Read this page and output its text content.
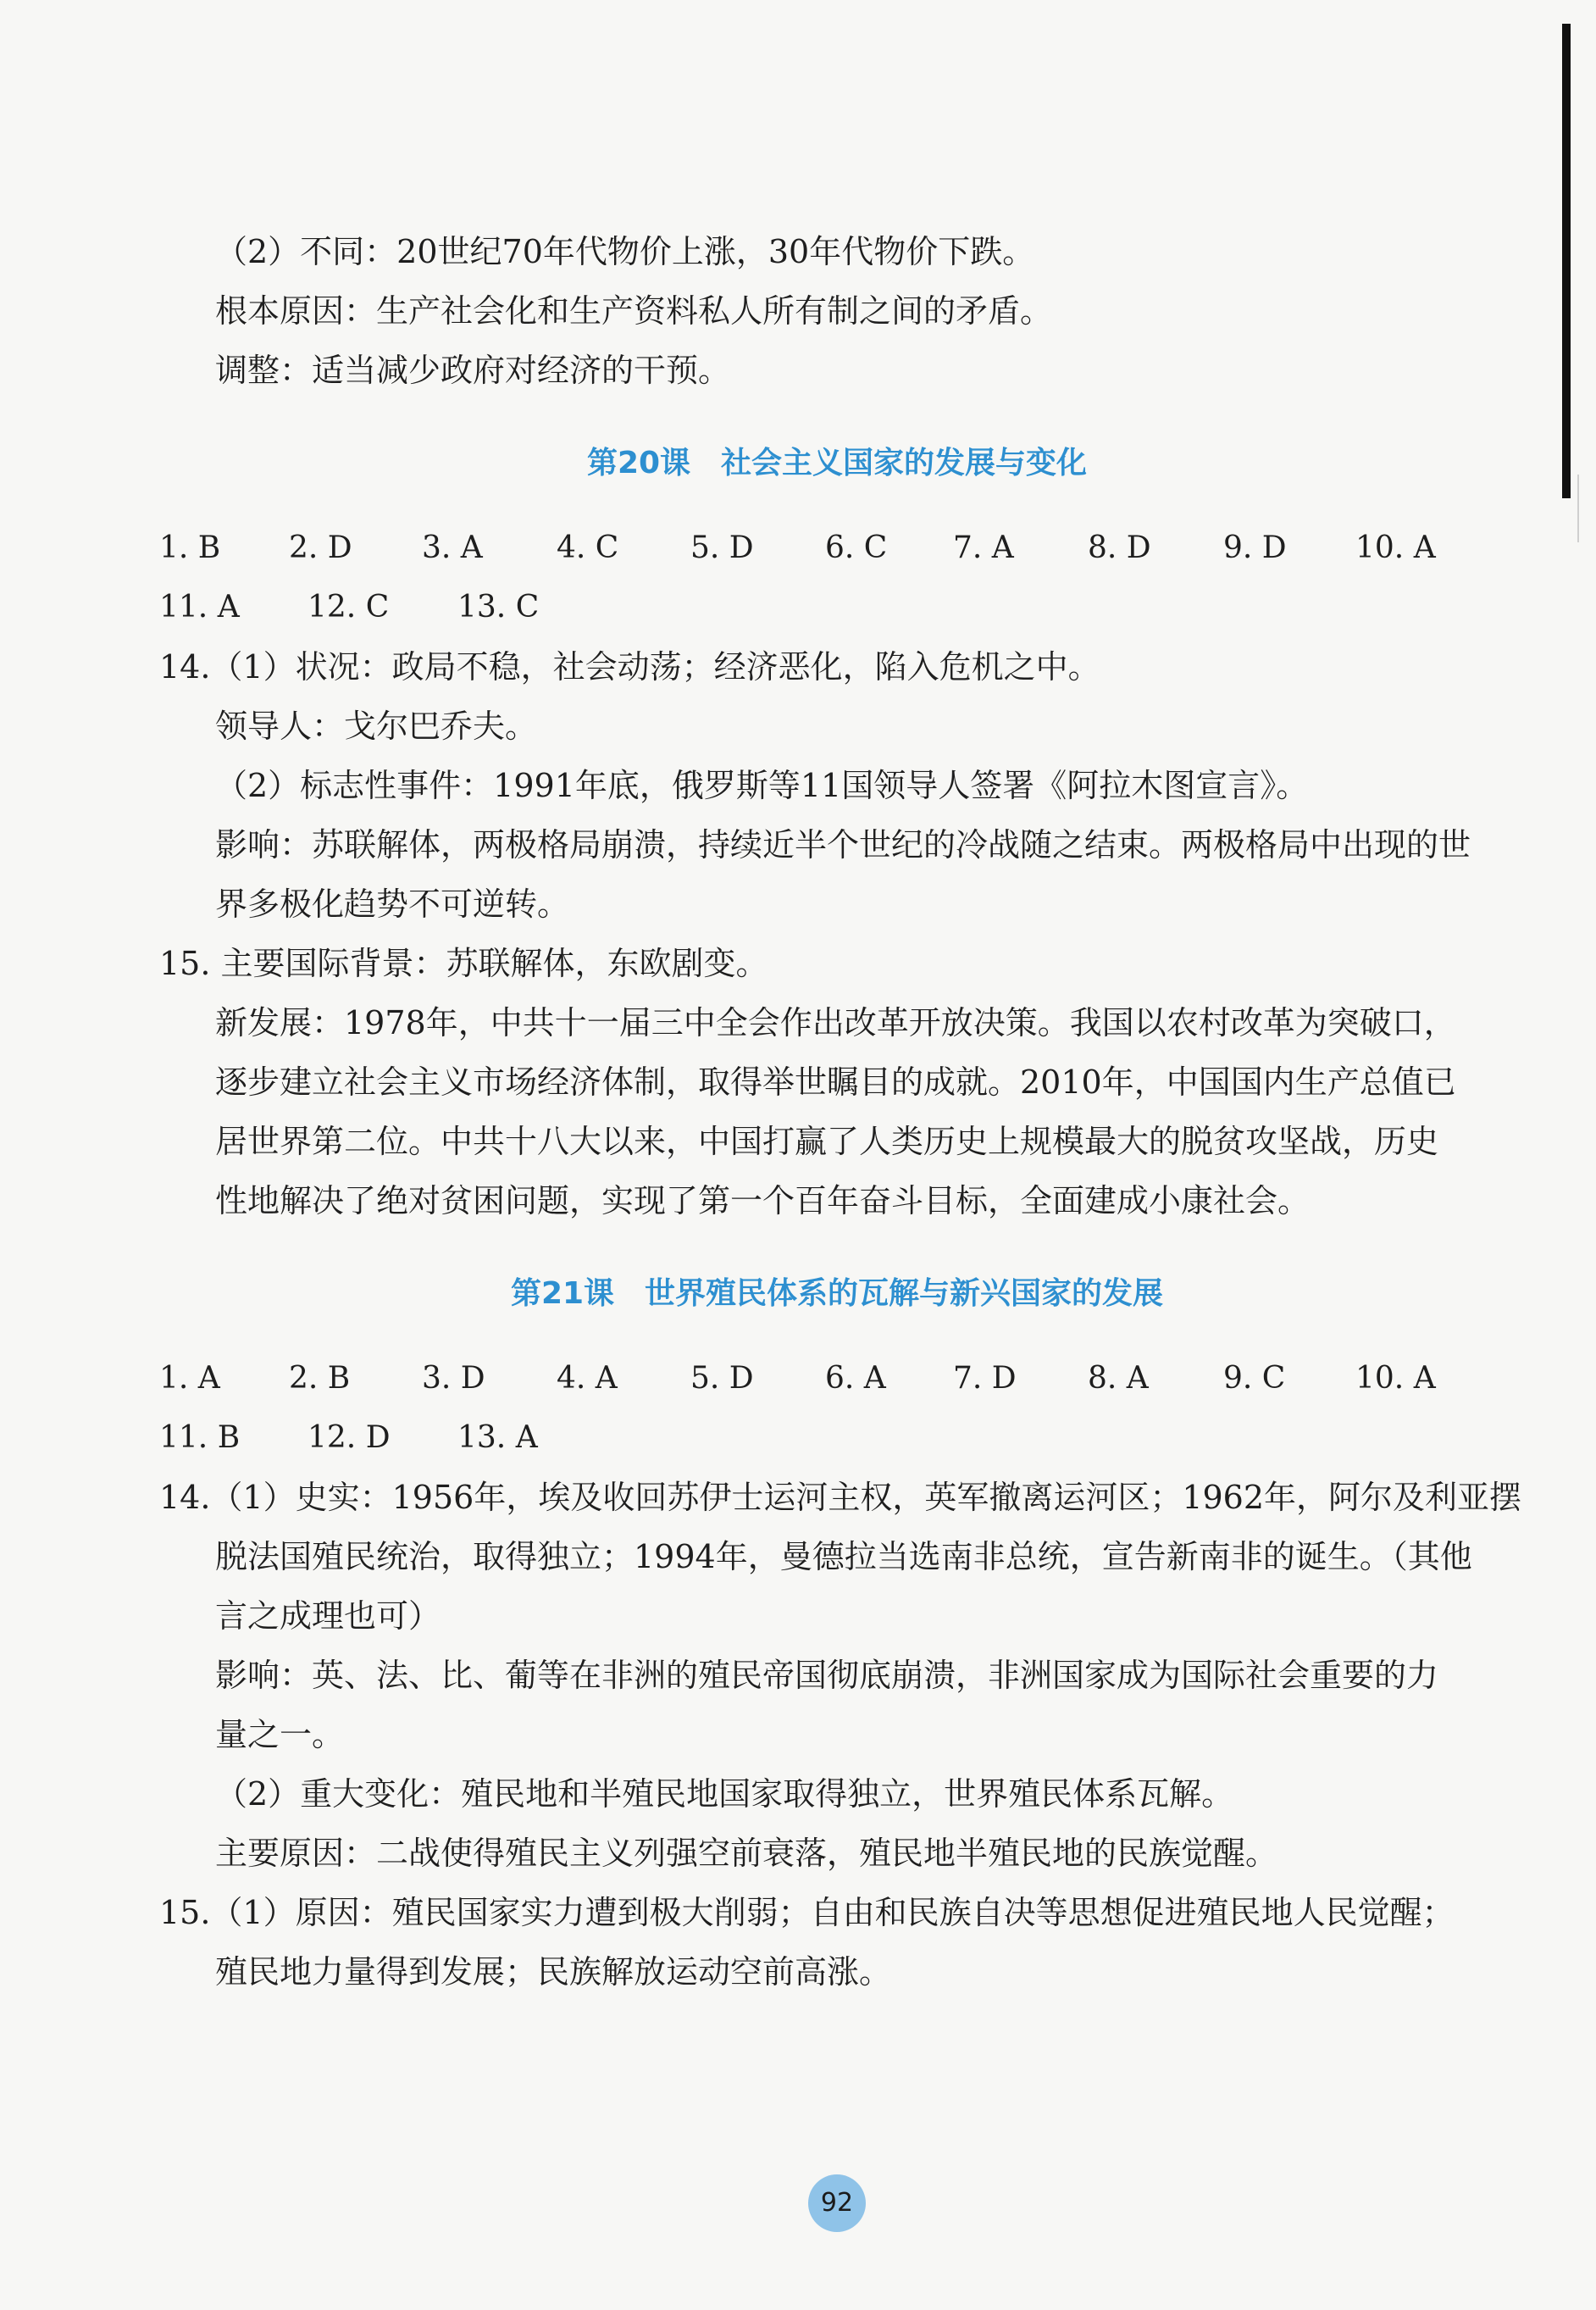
（2）不同：20世纪70年代物价上涨，30年代物价下跌。
根本原因：生产社会化和生产资料私人所有制之间的矛盾。
调整：适当减少政府对经济的干预。
第20课　社会主义国家的发展与变化
1. B 2. D 3. A 4. C 5. D 6. C 7. A 8. D 9. D 10. A
11. A 12. C 13. C
14.（1）状况：政局不稳，社会动荡；经济恶化，陷入危机之中。
领导人：戈尔巴乔夫。
（2）标志性事件：1991年底，俄罗斯等11国领导人签署《阿拉木图宣言》。
影响：苏联解体，两极格局崩溃，持续近半个世纪的冷战随之结束。两极格局中出现的世
界多极化趋势不可逆转。
15. 主要国际背景：苏联解体，东欧剧变。
新发展：1978年，中共十一届三中全会作出改革开放决策。我国以农村改革为突破口，
逐步建立社会主义市场经济体制，取得举世瞩目的成就。2010年，中国国内生产总值已
居世界第二位。中共十八大以来，中国打赢了人类历史上规模最大的脱贫攻坚战，历史
性地解决了绝对贫困问题，实现了第一个百年奋斗目标，全面建成小康社会。
第21课　世界殖民体系的瓦解与新兴国家的发展
1. A 2. B 3. D 4. A 5. D 6. A 7. D 8. A 9. C 10. A
11. B 12. D 13. A
14.（1）史实：1956年，埃及收回苏伊士运河主权，英军撤离运河区；1962年，阿尔及利亚摆
脱法国殖民统治，取得独立；1994年，曼德拉当选南非总统，宣告新南非的诞生。（其他
言之成理也可）
影响：英、法、比、葡等在非洲的殖民帝国彻底崩溃，非洲国家成为国际社会重要的力
量之一。
（2）重大变化：殖民地和半殖民地国家取得独立，世界殖民体系瓦解。
主要原因：二战使得殖民主义列强空前衰落，殖民地半殖民地的民族觉醒。
15.（1）原因：殖民国家实力遭到极大削弱；自由和民族自决等思想促进殖民地人民觉醒；
殖民地力量得到发展；民族解放运动空前高涨。
92
